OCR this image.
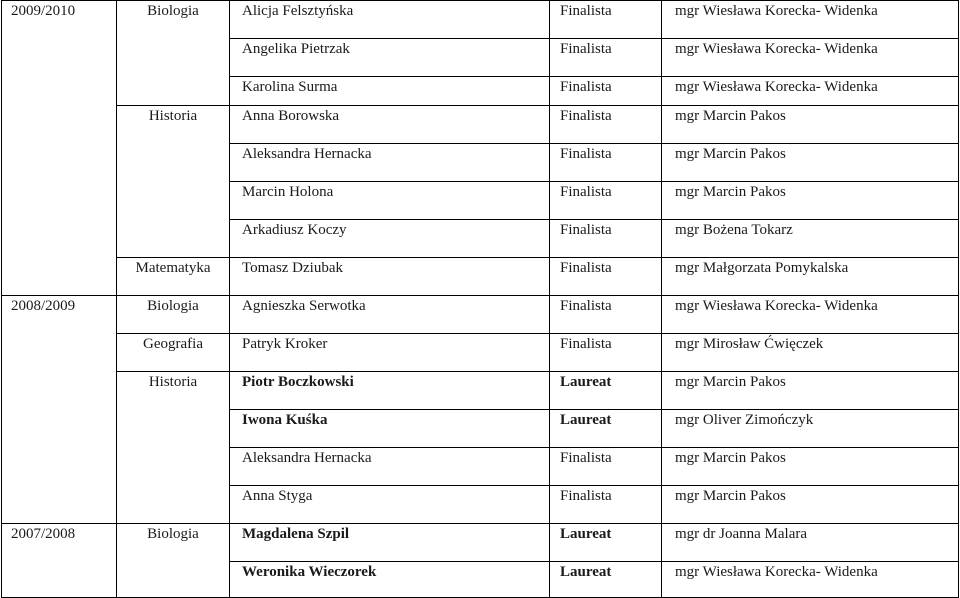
2009/2010	Biologia	Alicja Felsztyńska	Finalista	mgr Wiesława Korecka- Widenka
		Angelika Pietrzak	Finalista	mgr Wiesława Korecka- Widenka
		Karolina Surma	Finalista	mgr Wiesława Korecka- Widenka
	Historia	Anna Borowska	Finalista	mgr Marcin Pakos
		Aleksandra Hernacka	Finalista	mgr Marcin Pakos
		Marcin Holona	Finalista	mgr Marcin Pakos
		Arkadiusz Koczy	Finalista	mgr Bożena Tokarz
	Matematyka	Tomasz Dziubak	Finalista	mgr Małgorzata Pomykalska
2008/2009	Biologia	Agnieszka Serwotka	Finalista	mgr Wiesława Korecka- Widenka
	Geografia	Patryk Kroker	Finalista	mgr Mirosław Ćwięczek
	Historia	Piotr Boczkowski	Laureat	mgr Marcin Pakos
		Iwona Kuśka	Laureat	mgr Oliver Zimończyk
		Aleksandra Hernacka	Finalista	mgr Marcin Pakos
		Anna Styga	Finalista	mgr Marcin Pakos
2007/2008	Biologia	Magdalena Szpil	Laureat	mgr dr Joanna Malara
		Weronika Wieczorek	Laureat	mgr Wiesława Korecka- Widenka
